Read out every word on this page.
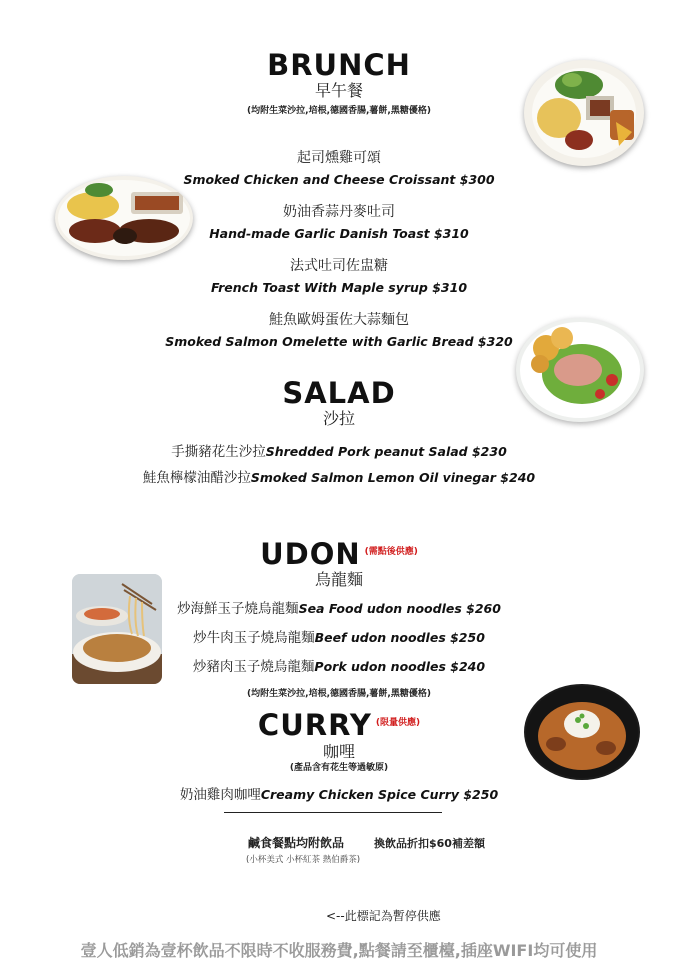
BRUNCH
早午餐
(均附生菜沙拉,培根,德國香腸,薯餅,黑糖優格)
起司燻雞可頌
Smoked Chicken and Cheese Croissant $300
奶油香蒜丹麥吐司
Hand-made Garlic Danish Toast $310
法式吐司佐盅糖
French Toast With Maple syrup $310
鮭魚歐姆蛋佐大蒜麵包
Smoked Salmon Omelette with Garlic Bread $320
SALAD
沙拉
手撕豬花生沙拉Shredded Pork peanut Salad $230
鮭魚檸檬油醋沙拉Smoked Salmon Lemon Oil vinegar $240
UDON $^{(需點後供應)}$
烏龍麵
炒海鮮玉子燒烏龍麵Sea Food udon noodles $260
炒牛肉玉子燒烏龍麵Beef udon noodles $250
炒豬肉玉子燒烏龍麵Pork udon noodles $240
(均附生菜沙拉,培根,德國香腸,薯餅,黑糖優格)
CURRY $^{(限量供應)}$
咖哩
(產品含有花生等過敏原)
奶油雞肉咖哩Creamy Chicken Spice Curry $250
鹹食餐點均附飲品	換飲品折扣$60補差額
(小杯美式 小杯紅茶 熱伯爵茶)
<--此標記為暫停供應
壹人低銷為壹杯飲品不限時不收服務費,點餐請至櫃檯,插座WIFI均可使用
